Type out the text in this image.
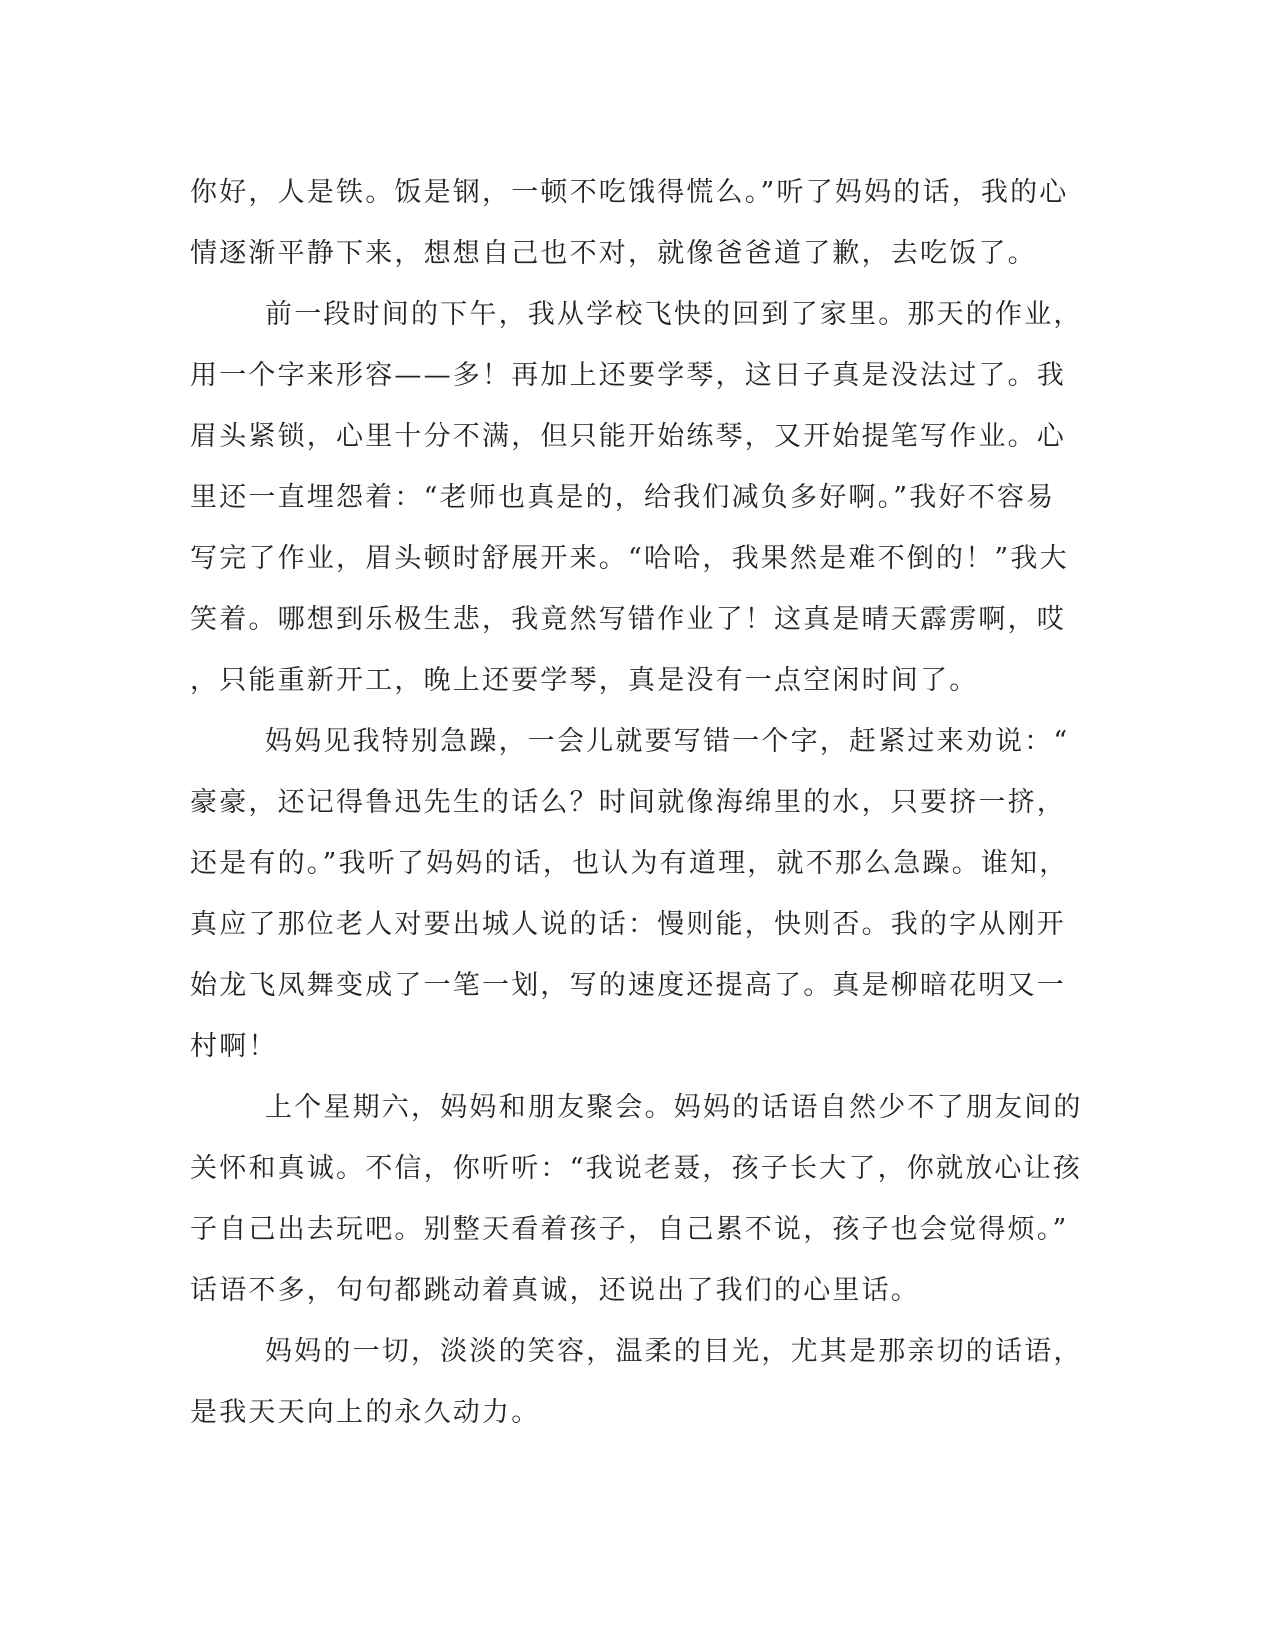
你好，人是铁。饭是钢，一顿不吃饿得慌么。”听了妈妈的话，我的心
情逐渐平静下来，想想自己也不对，就像爸爸道了歉，去吃饭了。
前一段时间的下午，我从学校飞快的回到了家里。那天的作业，
用一个字来形容——多！再加上还要学琴，这日子真是没法过了。我
眉头紧锁，心里十分不满，但只能开始练琴，又开始提笔写作业。心
里还一直埋怨着：“老师也真是的，给我们减负多好啊。”我好不容易
写完了作业，眉头顿时舒展开来。“哈哈，我果然是难不倒的！”我大
笑着。哪想到乐极生悲，我竟然写错作业了！这真是晴天霹雳啊，哎
，只能重新开工，晚上还要学琴，真是没有一点空闲时间了。
妈妈见我特别急躁，一会儿就要写错一个字，赶紧过来劝说：“
豪豪，还记得鲁迅先生的话么？时间就像海绵里的水，只要挤一挤，
还是有的。”我听了妈妈的话，也认为有道理，就不那么急躁。谁知，
真应了那位老人对要出城人说的话：慢则能，快则否。我的字从刚开
始龙飞凤舞变成了一笔一划，写的速度还提高了。真是柳暗花明又一
村啊！
上个星期六，妈妈和朋友聚会。妈妈的话语自然少不了朋友间的
关怀和真诚。不信，你听听：“我说老聂，孩子长大了，你就放心让孩
子自己出去玩吧。别整天看着孩子，自己累不说，孩子也会觉得烦。”
话语不多，句句都跳动着真诚，还说出了我们的心里话。
妈妈的一切，淡淡的笑容，温柔的目光，尤其是那亲切的话语，
是我天天向上的永久动力。
